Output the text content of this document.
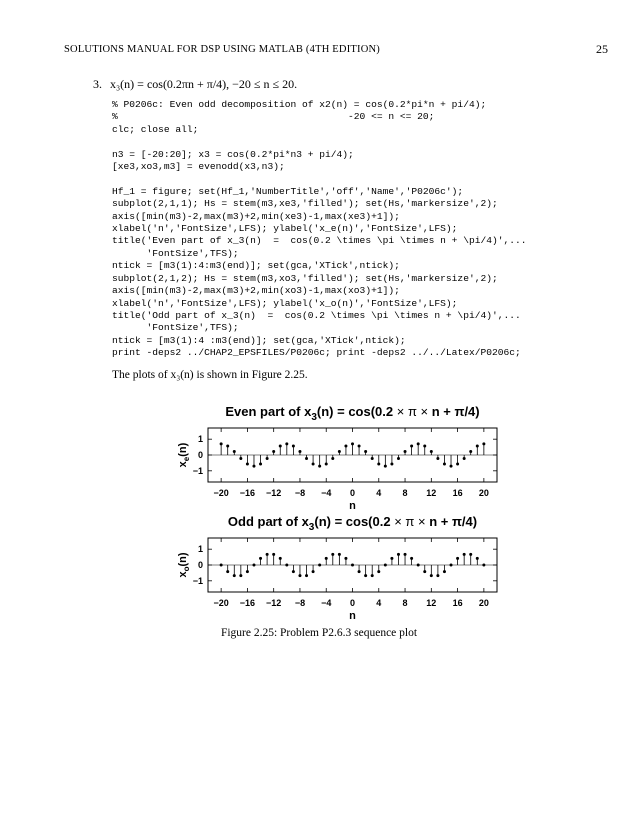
SOLUTIONS MANUAL FOR DSP USING MATLAB (4TH EDITION)	25
3. x₃(n) = cos(0.2πn + π/4), −20 ≤ n ≤ 20.
% P0206c: Even odd decomposition of x2(n) = cos(0.2*pi*n + pi/4);
%                                        -20 <= n <= 20;
clc; close all;

n3 = [-20:20]; x3 = cos(0.2*pi*n3 + pi/4);
[xe3,xo3,m3] = evenodd(x3,n3);

Hf_1 = figure; set(Hf_1,'NumberTitle','off','Name','P0206c');
subplot(2,1,1); Hs = stem(m3,xe3,'filled'); set(Hs,'markersize',2);
axis([min(m3)-2,max(m3)+2,min(xe3)-1,max(xe3)+1]);
xlabel('n','FontSize',LFS); ylabel('x_e(n)','FontSize',LFS);
title('Even part of x_3(n)  =  cos(0.2 \times \pi \times n + \pi/4)',...
'FontSize',TFS);
ntick = [m3(1):4:m3(end)]; set(gca,'XTick',ntick);
subplot(2,1,2); Hs = stem(m3,xo3,'filled'); set(Hs,'markersize',2);
axis([min(m3)-2,max(m3)+2,min(xo3)-1,max(xo3)+1]);
xlabel('n','FontSize',LFS); ylabel('x_o(n)','FontSize',LFS);
title('Odd part of x_3(n)  =  cos(0.2 \times \pi \times n + \pi/4)',...
'FontSize',TFS);
ntick = [m3(1):4 :m3(end)]; set(gca,'XTick',ntick);
print -deps2 ../CHAP2_EPSFILES/P0206c; print -deps2 ../../Latex/P0206c;

The plots of x₃(n) is shown in Figure 2.25.
−20 −16 −12 −8 −4 0 4 8 12 16 20
−1
0
1
Even part of $x_3(n) = \cos(0.2 \times \pi \times n + \pi/4)$
n
$x_e(n)$
−20 −16 −12 −8 −4 0 4 8 12 16 20
−1
0
1
Odd part of $x_3(n) = \cos(0.2 \times \pi \times n + \pi/4)$
n
$x_o(n)$
Figure 2.25: Problem P2.6.3 sequence plot
